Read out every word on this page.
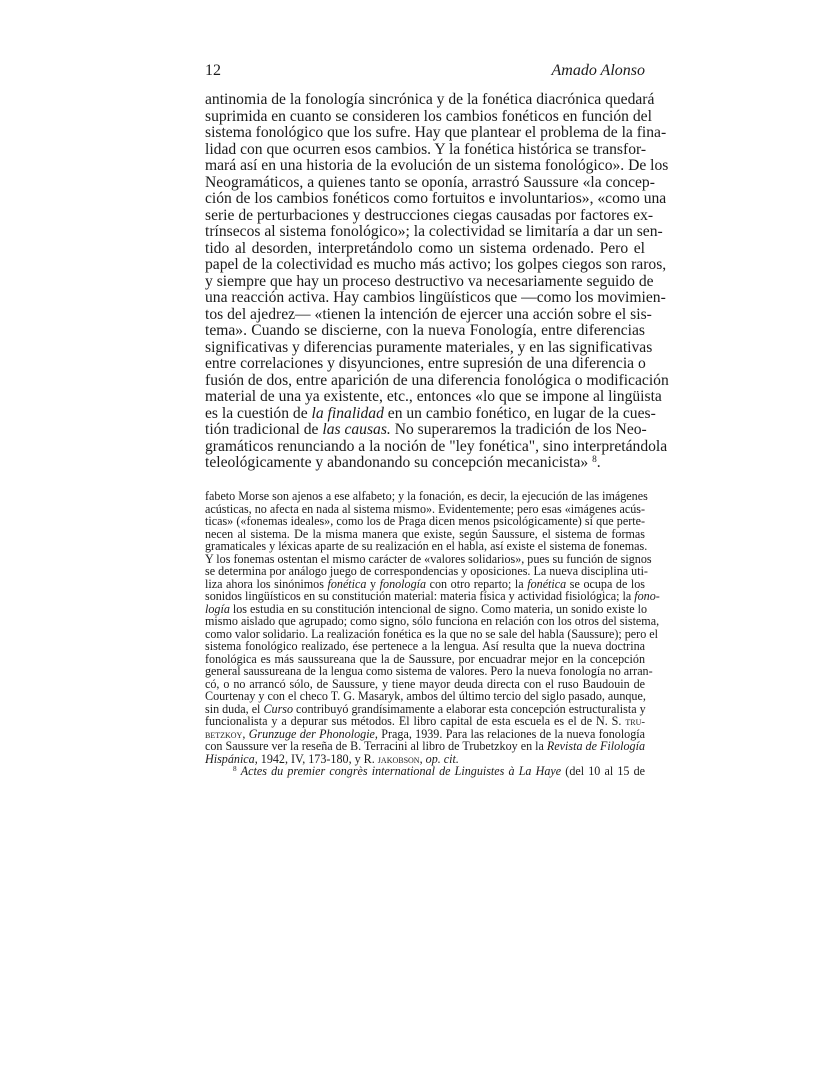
12	Amado Alonso
antinomia de la fonología sincrónica y de la fonética diacrónica quedará
suprimida en cuanto se consideren los cambios fonéticos en función del
sistema fonológico que los sufre. Hay que plantear el problema de la fina-
lidad con que ocurren esos cambios. Y la fonética histórica se transfor-
mará así en una historia de la evolución de un sistema fonológico». De los
Neogramáticos, a quienes tanto se oponía, arrastró Saussure «la concep-
ción de los cambios fonéticos como fortuitos e involuntarios», «como una
serie de perturbaciones y destrucciones ciegas causadas por factores ex-
trínsecos al sistema fonológico»; la colectividad se limitaría a dar un sen-
tido al desorden, interpretándolo como un sistema ordenado. Pero el
papel de la colectividad es mucho más activo; los golpes ciegos son raros,
y siempre que hay un proceso destructivo va necesariamente seguido de
una reacción activa. Hay cambios lingüísticos que —como los movimien-
tos del ajedrez— «tienen la intención de ejercer una acción sobre el sis-
tema». Cuando se discierne, con la nueva Fonología, entre diferencias
significativas y diferencias puramente materiales, y en las significativas
entre correlaciones y disyunciones, entre supresión de una diferencia o
fusión de dos, entre aparición de una diferencia fonológica o modificación
material de una ya existente, etc., entonces «lo que se impone al lingüista
es la cuestión de la finalidad en un cambio fonético, en lugar de la cues-
tión tradicional de las causas. No superaremos la tradición de los Neo-
gramáticos renunciando a la noción de "ley fonética", sino interpretándola
teleológicamente y abandonando su concepción mecanicista» $^8$.
fabeto Morse son ajenos a ese alfabeto; y la fonación, es decir, la ejecución de las imágenes
acústicas, no afecta en nada al sistema mismo». Evidentemente; pero esas «imágenes acús-
ticas» («fonemas ideales», como los de Praga dicen menos psicológicamente) sí que perte-
necen al sistema. De la misma manera que existe, según Saussure, el sistema de formas
gramaticales y léxicas aparte de su realización en el habla, así existe el sistema de fonemas.
Y los fonemas ostentan el mismo carácter de «valores solidarios», pues su función de signos
se determina por análogo juego de correspondencias y oposiciones. La nueva disciplina uti-
liza ahora los sinónimos fonética y fonología con otro reparto; la fonética se ocupa de los
sonidos lingüísticos en su constitución material: materia física y actividad fisiológica; la fono-
logía los estudia en su constitución intencional de signo. Como materia, un sonido existe lo
mismo aislado que agrupado; como signo, sólo funciona en relación con los otros del sistema,
como valor solidario. La realización fonética es la que no se sale del habla (Saussure); pero el
sistema fonológico realizado, ése pertenece a la lengua. Así resulta que la nueva doctrina
fonológica es más saussureana que la de Saussure, por encuadrar mejor en la concepción
general saussureana de la lengua como sistema de valores. Pero la nueva fonología no arran-
có, o no arrancó sólo, de Saussure, y tiene mayor deuda directa con el ruso Baudouin de
Courtenay y con el checo T. G. Masaryk, ambos del último tercio del siglo pasado, aunque,
sin duda, el Curso contribuyó grandísimamente a elaborar esta concepción estructuralista y
funcionalista y a depurar sus métodos. El libro capital de esta escuela es el de N. S. tru-
betzkoy, Grunzuge der Phonologie, Praga, 1939. Para las relaciones de la nueva fonología
con Saussure ver la reseña de B. Terracini al libro de Trubetzkoy en la Revista de Filología
Hispánica, 1942, IV, 173-180, y R. jakobson, op. cit.
$^8$ Actes du premier congrès international de Linguistes à La Haye (del 10 al 15 de
